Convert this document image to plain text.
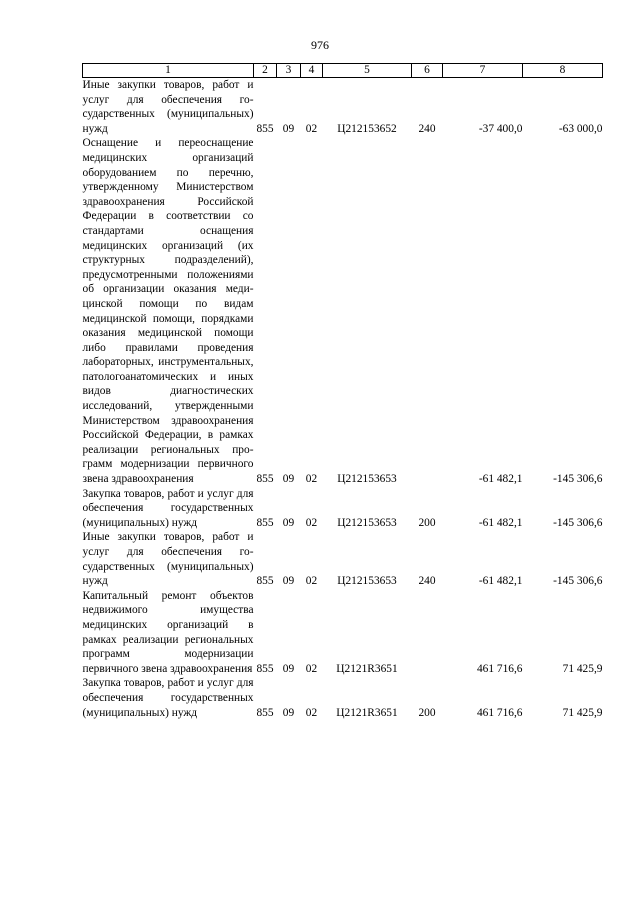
976
1	2	3	4	5	6	7	8
Иные закупки товаров, работ и услуг для обеспечения государственных (муниципальных) нужд	855	09	02	Ц212153652	240	-37 400,0	-63 000,0
Оснащение и переоснащение медицинских организаций оборудованием по перечню, утвержденному Министерством здравоохранения Российской Федерации в соответствии со стандартами оснащения медицинских организаций (их структурных подразделений), предусмотренными положениями об организации оказания медицинской помощи по видам медицинской помощи, порядками оказания медицинской помощи либо правилами проведения лабораторных, инструментальных, патологоанатомических и иных видов диагностических исследований, утвержденными Министерством здравоохранения Российской Федерации, в рамках реализации региональных программ модернизации первичного звена здравоохранения	855	09	02	Ц212153653		-61 482,1	-145 306,6
Закупка товаров, работ и услуг для обеспечения государственных (муниципальных) нужд	855	09	02	Ц212153653	200	-61 482,1	-145 306,6
Иные закупки товаров, работ и услуг для обеспечения государственных (муниципальных) нужд	855	09	02	Ц212153653	240	-61 482,1	-145 306,6
Капитальный ремонт объектов недвижимого имущества медицинских организаций в рамках реализации региональных программ модернизации первичного звена здравоохранения	855	09	02	Ц2121R3651		461 716,6	71 425,9
Закупка товаров, работ и услуг для обеспечения государственных (муниципальных) нужд	855	09	02	Ц2121R3651	200	461 716,6	71 425,9
